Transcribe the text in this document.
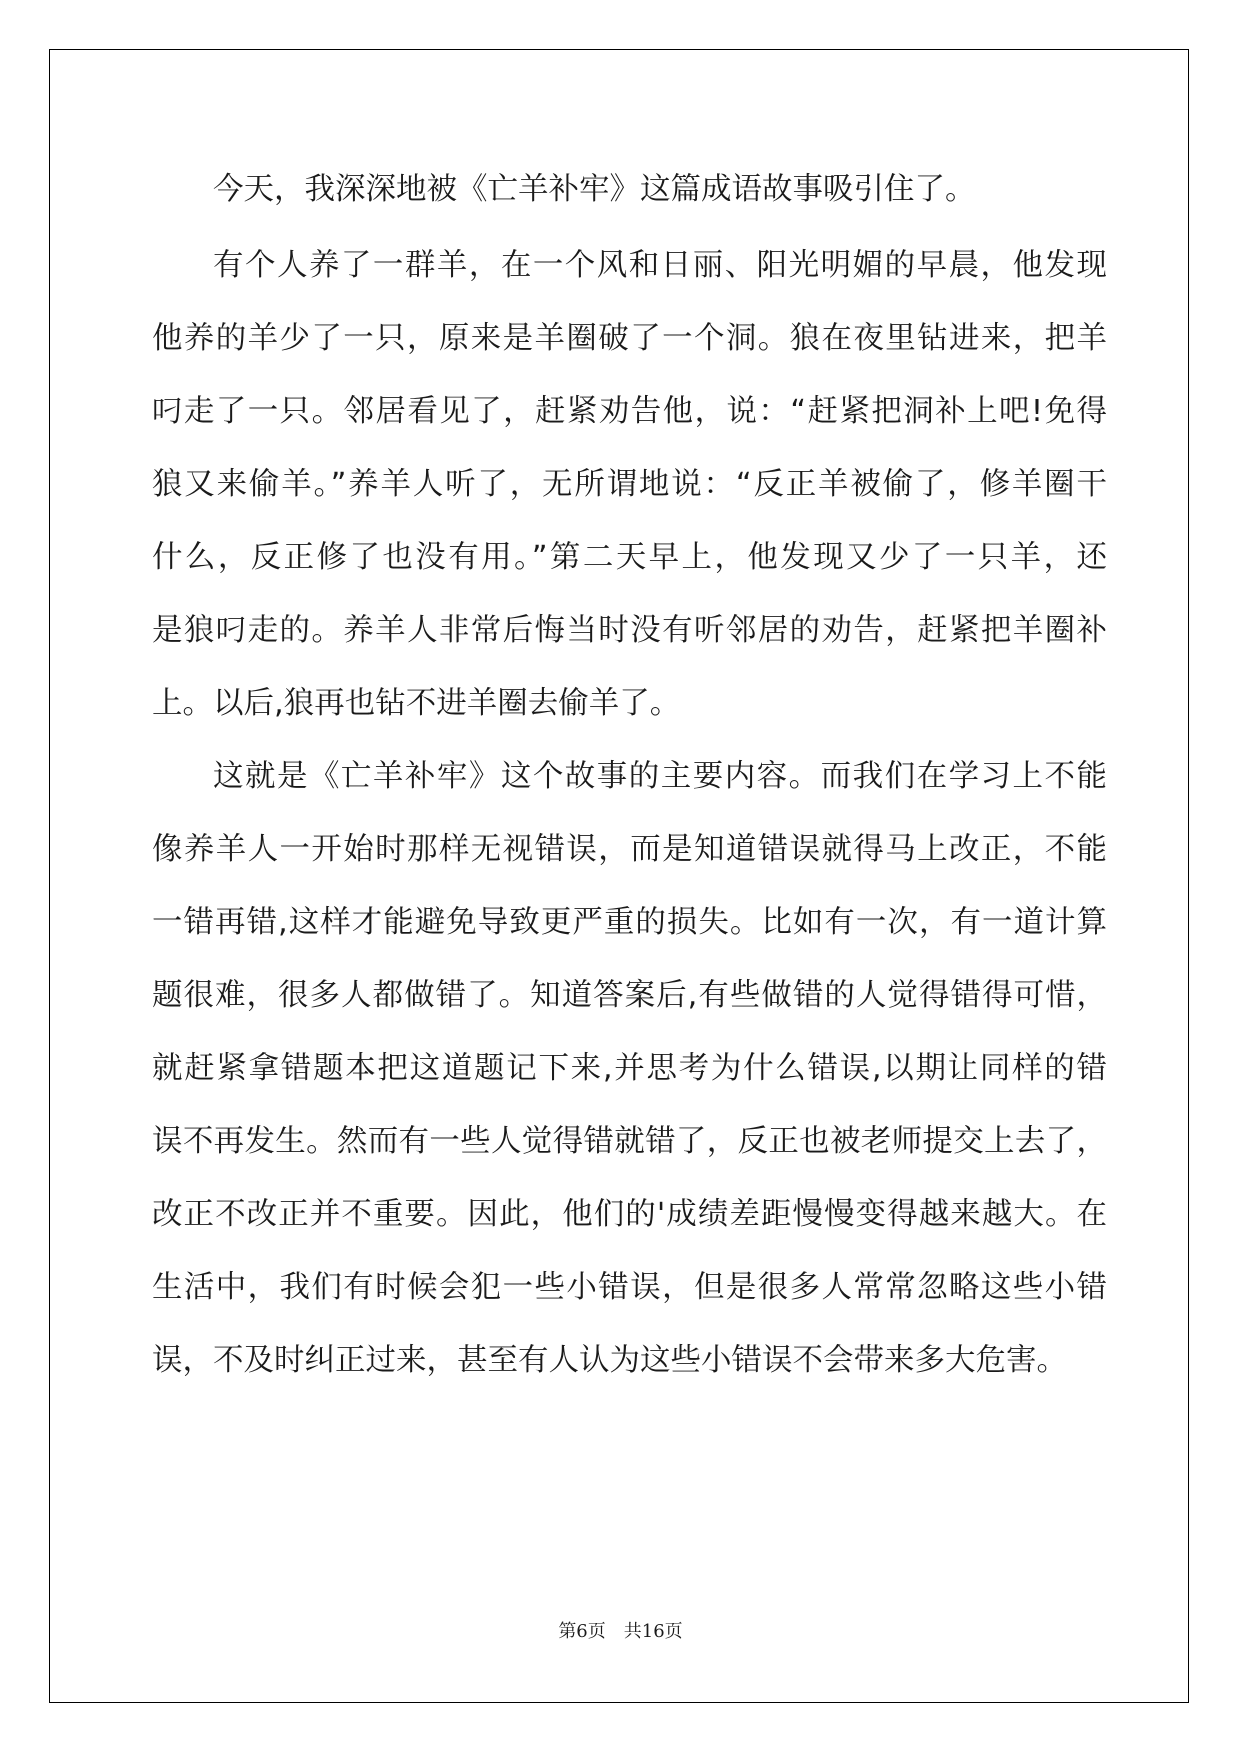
今天，我深深地被《亡羊补牢》这篇成语故事吸引住了。

有个人养了一群羊，在一个风和日丽、阳光明媚的早晨，他发现

他养的羊少了一只，原来是羊圈破了一个洞。狼在夜里钻进来，把羊

叼走了一只。邻居看见了，赶紧劝告他，说：“赶紧把洞补上吧!免得

狼又来偷羊。”养羊人听了，无所谓地说：“反正羊被偷了，修羊圈干

什么，反正修了也没有用。”第二天早上，他发现又少了一只羊，还

是狼叼走的。养羊人非常后悔当时没有听邻居的劝告，赶紧把羊圈补

上。以后,狼再也钻不进羊圈去偷羊了。

这就是《亡羊补牢》这个故事的主要内容。而我们在学习上不能

像养羊人一开始时那样无视错误，而是知道错误就得马上改正，不能

一错再错,这样才能避免导致更严重的损失。比如有一次，有一道计算

题很难，很多人都做错了。知道答案后,有些做错的人觉得错得可惜，

就赶紧拿错题本把这道题记下来,并思考为什么错误,以期让同样的错

误不再发生。然而有一些人觉得错就错了，反正也被老师提交上去了，

改正不改正并不重要。因此，他们的'成绩差距慢慢变得越来越大。在

生活中，我们有时候会犯一些小错误，但是很多人常常忽略这些小错

误，不及时纠正过来，甚至有人认为这些小错误不会带来多大危害。

第6页　共16页
